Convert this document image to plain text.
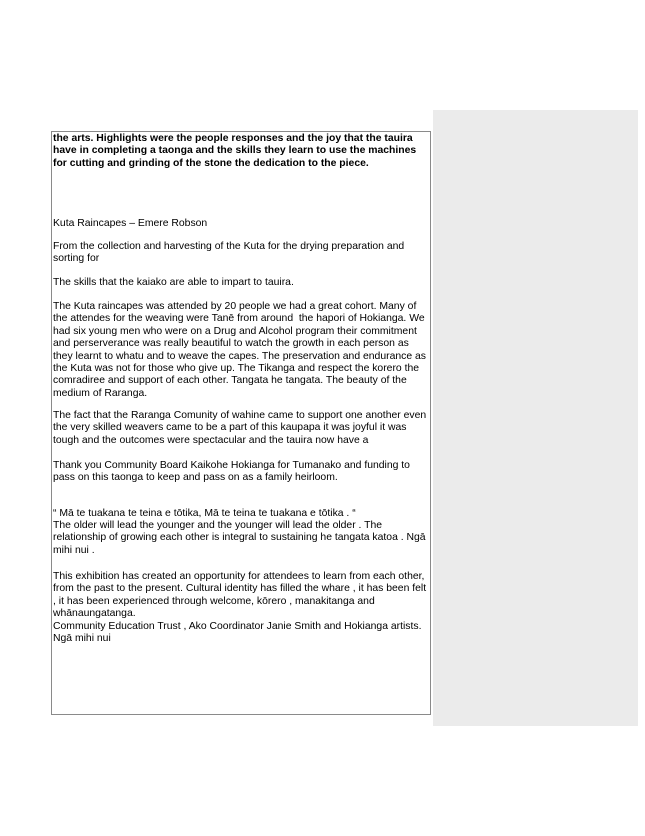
the arts. Highlights were the people responses and the joy that the tauira have in completing a taonga and the skills they learn to use the machines for cutting and grinding of the stone the dedication to the piece.

Kuta Raincapes – Emere Robson

From the collection and harvesting of the Kuta for the drying preparation and sorting for

The skills that the kaiako are able to impart to tauira.

The Kuta raincapes was attended by 20 people we had a great cohort. Many of the attendes for the weaving were Tanē from around  the hapori of Hokianga. We had six young men who were on a Drug and Alcohol program their commitment and perserverance was really beautiful to watch the growth in each person as they learnt to whatu and to weave the capes. The preservation and endurance as the Kuta was not for those who give up. The Tikanga and respect the korero the comradiree and support of each other. Tangata he tangata. The beauty of the medium of Raranga.

The fact that the Raranga Comunity of wahine came to support one another even the very skilled weavers came to be a part of this kaupapa it was joyful it was tough and the outcomes were spectacular and the tauira now have a

Thank you Community Board Kaikohe Hokianga for Tumanako and funding to pass on this taonga to keep and pass on as a family heirloom.

“ Mā te tuakana te teina e tōtika, Mā te teina te tuakana e tōtika . “

The older will lead the younger and the younger will lead the older . The relationship of growing each other is integral to sustaining he tangata katoa . Ngā mihi nui .

This exhibition has created an opportunity for attendees to learn from each other, from the past to the present. Cultural identity has filled the whare , it has been felt , it has been experienced through welcome, kōrero , manakitanga and whānaungatanga.

Community Education Trust , Ako Coordinator Janie Smith and Hokianga artists. Ngā mihi nui
